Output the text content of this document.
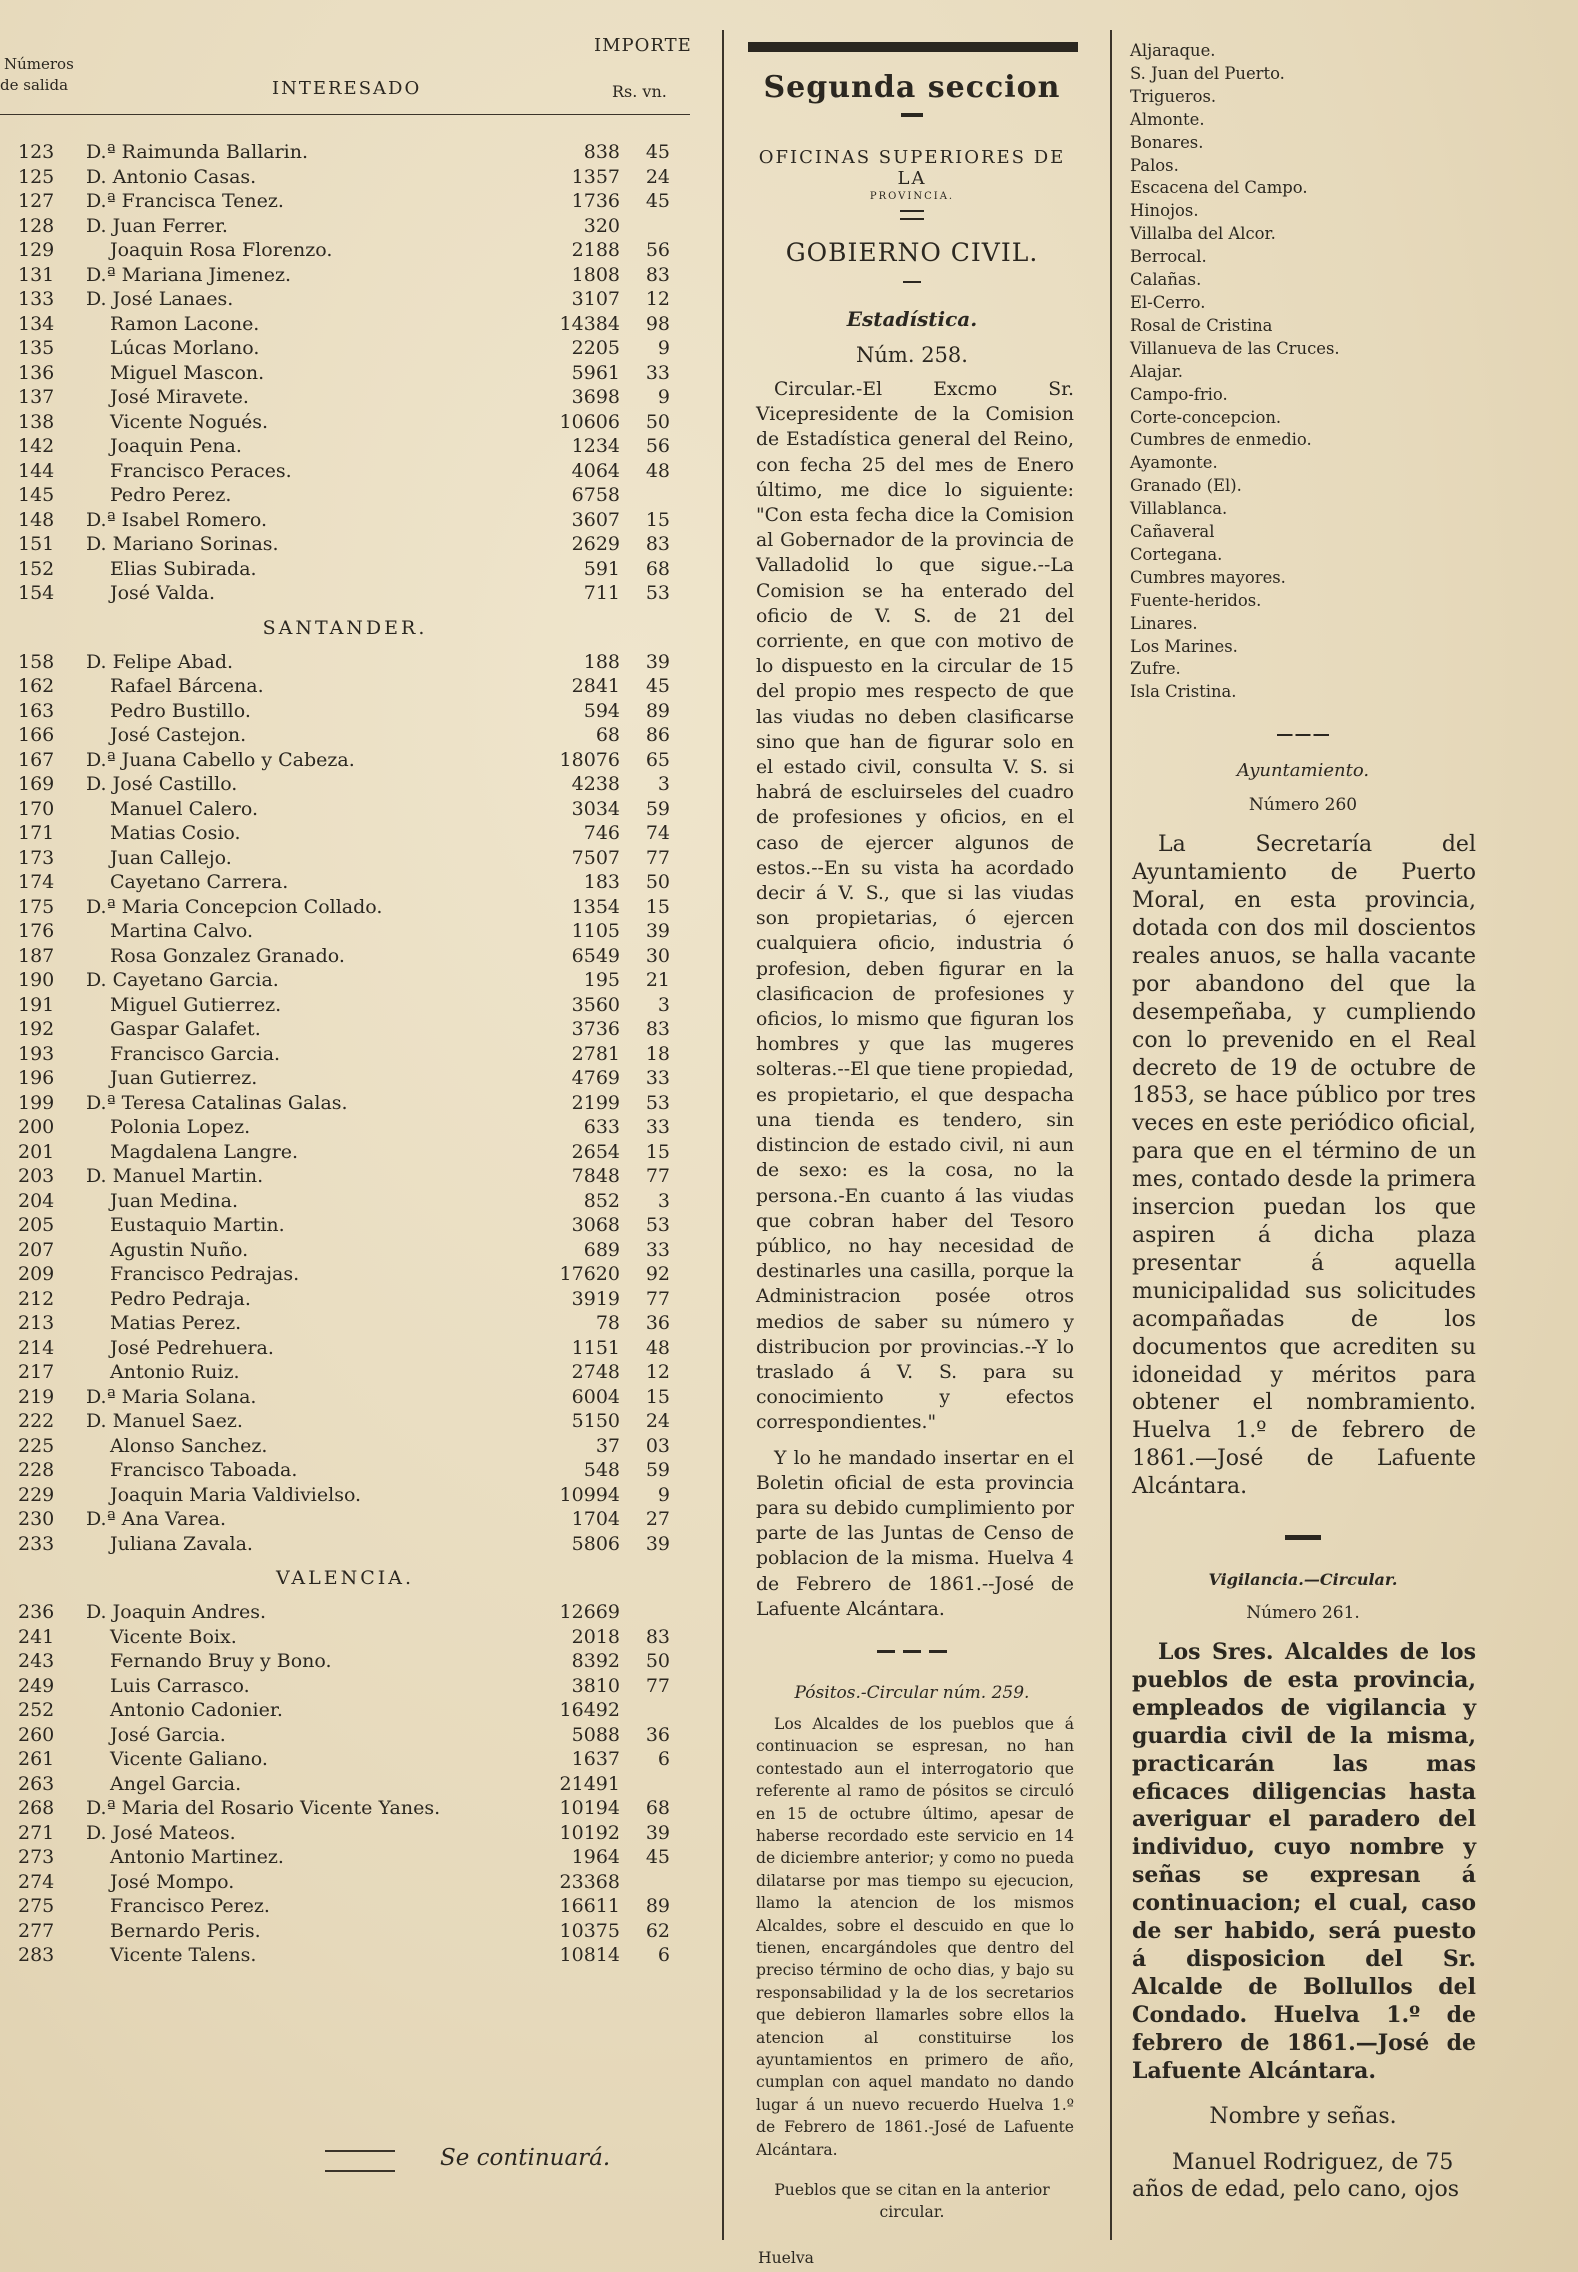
Números
de salida	INTERESADO
IMPORTE
Rs. vn.
123	D.ª Raimunda Ballarin.	838	45
125	D. Antonio Casas.	1357	24
127	D.ª Francisca Tenez.	1736	45
128	D. Juan Ferrer.	320
129	Joaquin Rosa Florenzo.	2188	56
131	D.ª Mariana Jimenez.	1808	83
133	D. José Lanaes.	3107	12
134	Ramon Lacone.	14384	98
135	Lúcas Morlano.	2205	9
136	Miguel Mascon.	5961	33
137	José Miravete.	3698	9
138	Vicente Nogués.	10606	50
142	Joaquin Pena.	1234	56
144	Francisco Peraces.	4064	48
145	Pedro Perez.	6758
148	D.ª Isabel Romero.	3607	15
151	D. Mariano Sorinas.	2629	83
152	Elias Subirada.	591	68
154	José Valda.	711	53
SANTANDER.
158	D. Felipe Abad.	188	39
162	Rafael Bárcena.	2841	45
163	Pedro Bustillo.	594	89
166	José Castejon.	68	86
167	D.ª Juana Cabello y Cabeza.	18076	65
169	D. José Castillo.	4238	3
170	Manuel Calero.	3034	59
171	Matias Cosio.	746	74
173	Juan Callejo.	7507	77
174	Cayetano Carrera.	183	50
175	D.ª Maria Concepcion Collado.	1354	15
176	Martina Calvo.	1105	39
187	Rosa Gonzalez Granado.	6549	30
190	D. Cayetano Garcia.	195	21
191	Miguel Gutierrez.	3560	3
192	Gaspar Galafet.	3736	83
193	Francisco Garcia.	2781	18
196	Juan Gutierrez.	4769	33
199	D.ª Teresa Catalinas Galas.	2199	53
200	Polonia Lopez.	633	33
201	Magdalena Langre.	2654	15
203	D. Manuel Martin.	7848	77
204	Juan Medina.	852	3
205	Eustaquio Martin.	3068	53
207	Agustin Nuño.	689	33
209	Francisco Pedrajas.	17620	92
212	Pedro Pedraja.	3919	77
213	Matias Perez.	78	36
214	José Pedrehuera.	1151	48
217	Antonio Ruiz.	2748	12
219	D.ª Maria Solana.	6004	15
222	D. Manuel Saez.	5150	24
225	Alonso Sanchez.	37	03
228	Francisco Taboada.	548	59
229	Joaquin Maria Valdivielso.	10994	9
230	D.ª Ana Varea.	1704	27
233	Juliana Zavala.	5806	39
VALENCIA.
236	D. Joaquin Andres.	12669
241	Vicente Boix.	2018	83
243	Fernando Bruy y Bono.	8392	50
249	Luis Carrasco.	3810	77
252	Antonio Cadonier.	16492
260	José Garcia.	5088	36
261	Vicente Galiano.	1637	6
263	Angel Garcia.	21491
268	D.ª Maria del Rosario Vicente Yanes.	10194	68
271	D. José Mateos.	10192	39
273	Antonio Martinez.	1964	45
274	José Mompo.	23368
275	Francisco Perez.	16611	89
277	Bernardo Peris.	10375	62
283	Vicente Talens.	10814	6
Se continuará.
Segunda seccion
OFICINAS SUPERIORES DE LA
PROVINCIA.
GOBIERNO CIVIL.
Estadística.
Núm. 258.
Circular.-El Excmo Sr. Vicepresidente de la Comision de Estadística general del Reino, con fecha 25 del mes de Enero último, me dice lo siguiente: "Con esta fecha dice la Comision al Gobernador de la provincia de Valladolid lo que sigue.--La Comision se ha enterado del oficio de V. S. de 21 del corriente, en que con motivo de lo dispuesto en la circular de 15 del propio mes respecto de que las viudas no deben clasificarse sino que han de figurar solo en el estado civil, consulta V. S. si habrá de escluirseles del cuadro de profesiones y oficios, en el caso de ejercer algunos de estos.--En su vista ha acordado decir á V. S., que si las viudas son propietarias, ó ejercen cualquiera oficio, industria ó profesion, deben figurar en la clasificacion de profesiones y oficios, lo mismo que figuran los hombres y que las mugeres solteras.--El que tiene propiedad, es propietario, el que despacha una tienda es tendero, sin distincion de estado civil, ni aun de sexo: es la cosa, no la persona.-En cuanto á las viudas que cobran haber del Tesoro público, no hay necesidad de destinarles una casilla, porque la Administracion posée otros medios de saber su número y distribucion por provincias.--Y lo traslado á V. S. para su conocimiento y efectos correspondientes."
Y lo he mandado insertar en el Boletin oficial de esta provincia para su debido cumplimiento por parte de las Juntas de Censo de poblacion de la misma. Huelva 4 de Febrero de 1861.--José de Lafuente Alcántara.
Pósitos.-Circular núm. 259.
Los Alcaldes de los pueblos que á continuacion se espresan, no han contestado aun el interrogatorio que referente al ramo de pósitos se circuló en 15 de octubre último, apesar de haberse recordado este servicio en 14 de diciembre anterior; y como no pueda dilatarse por mas tiempo su ejecucion, llamo la atencion de los mismos Alcaldes, sobre el descuido en que lo tienen, encargándoles que dentro del preciso término de ocho dias, y bajo su responsabilidad y la de los secretarios que debieron llamarles sobre ellos la atencion al constituirse los ayuntamientos en primero de año, cumplan con aquel mandato no dando lugar á un nuevo recuerdo Huelva 1.º de Febrero de 1861.-José de Lafuente Alcántara.
Pueblos que se citan en la anterior circular.
Huelva
Aljaraque.
S. Juan del Puerto.
Trigueros.
Almonte.
Bonares.
Palos.
Escacena del Campo.
Hinojos.
Villalba del Alcor.
Berrocal.
Calañas.
El-Cerro.
Rosal de Cristina
Villanueva de las Cruces.
Alajar.
Campo-frio.
Corte-concepcion.
Cumbres de enmedio.
Ayamonte.
Granado (El).
Villablanca.
Cañaveral
Cortegana.
Cumbres mayores.
Fuente-heridos.
Linares.
Los Marines.
Zufre.
Isla Cristina.
Ayuntamiento.
Número 260
La Secretaría del Ayuntamiento de Puerto Moral, en esta provincia, dotada con dos mil doscientos reales anuos, se halla vacante por abandono del que la desempeñaba, y cumpliendo con lo prevenido en el Real decreto de 19 de octubre de 1853, se hace público por tres veces en este periódico oficial, para que en el término de un mes, contado desde la primera insercion puedan los que aspiren á dicha plaza presentar á aquella municipalidad sus solicitudes acompañadas de los documentos que acrediten su idoneidad y méritos para obtener el nombramiento. Huelva 1.º de febrero de 1861.—José de Lafuente Alcántara.
Vigilancia.—Circular.
Número 261.
Los Sres. Alcaldes de los pueblos de esta provincia, empleados de vigilancia y guardia civil de la misma, practicarán las mas eficaces diligencias hasta averiguar el paradero del individuo, cuyo nombre y señas se expresan á continuacion; el cual, caso de ser habido, será puesto á disposicion del Sr. Alcalde de Bollullos del Condado. Huelva 1.º de febrero de 1861.—José de Lafuente Alcántara.
Nombre y señas.
Manuel Rodriguez, de 75 años de edad, pelo cano, ojos
